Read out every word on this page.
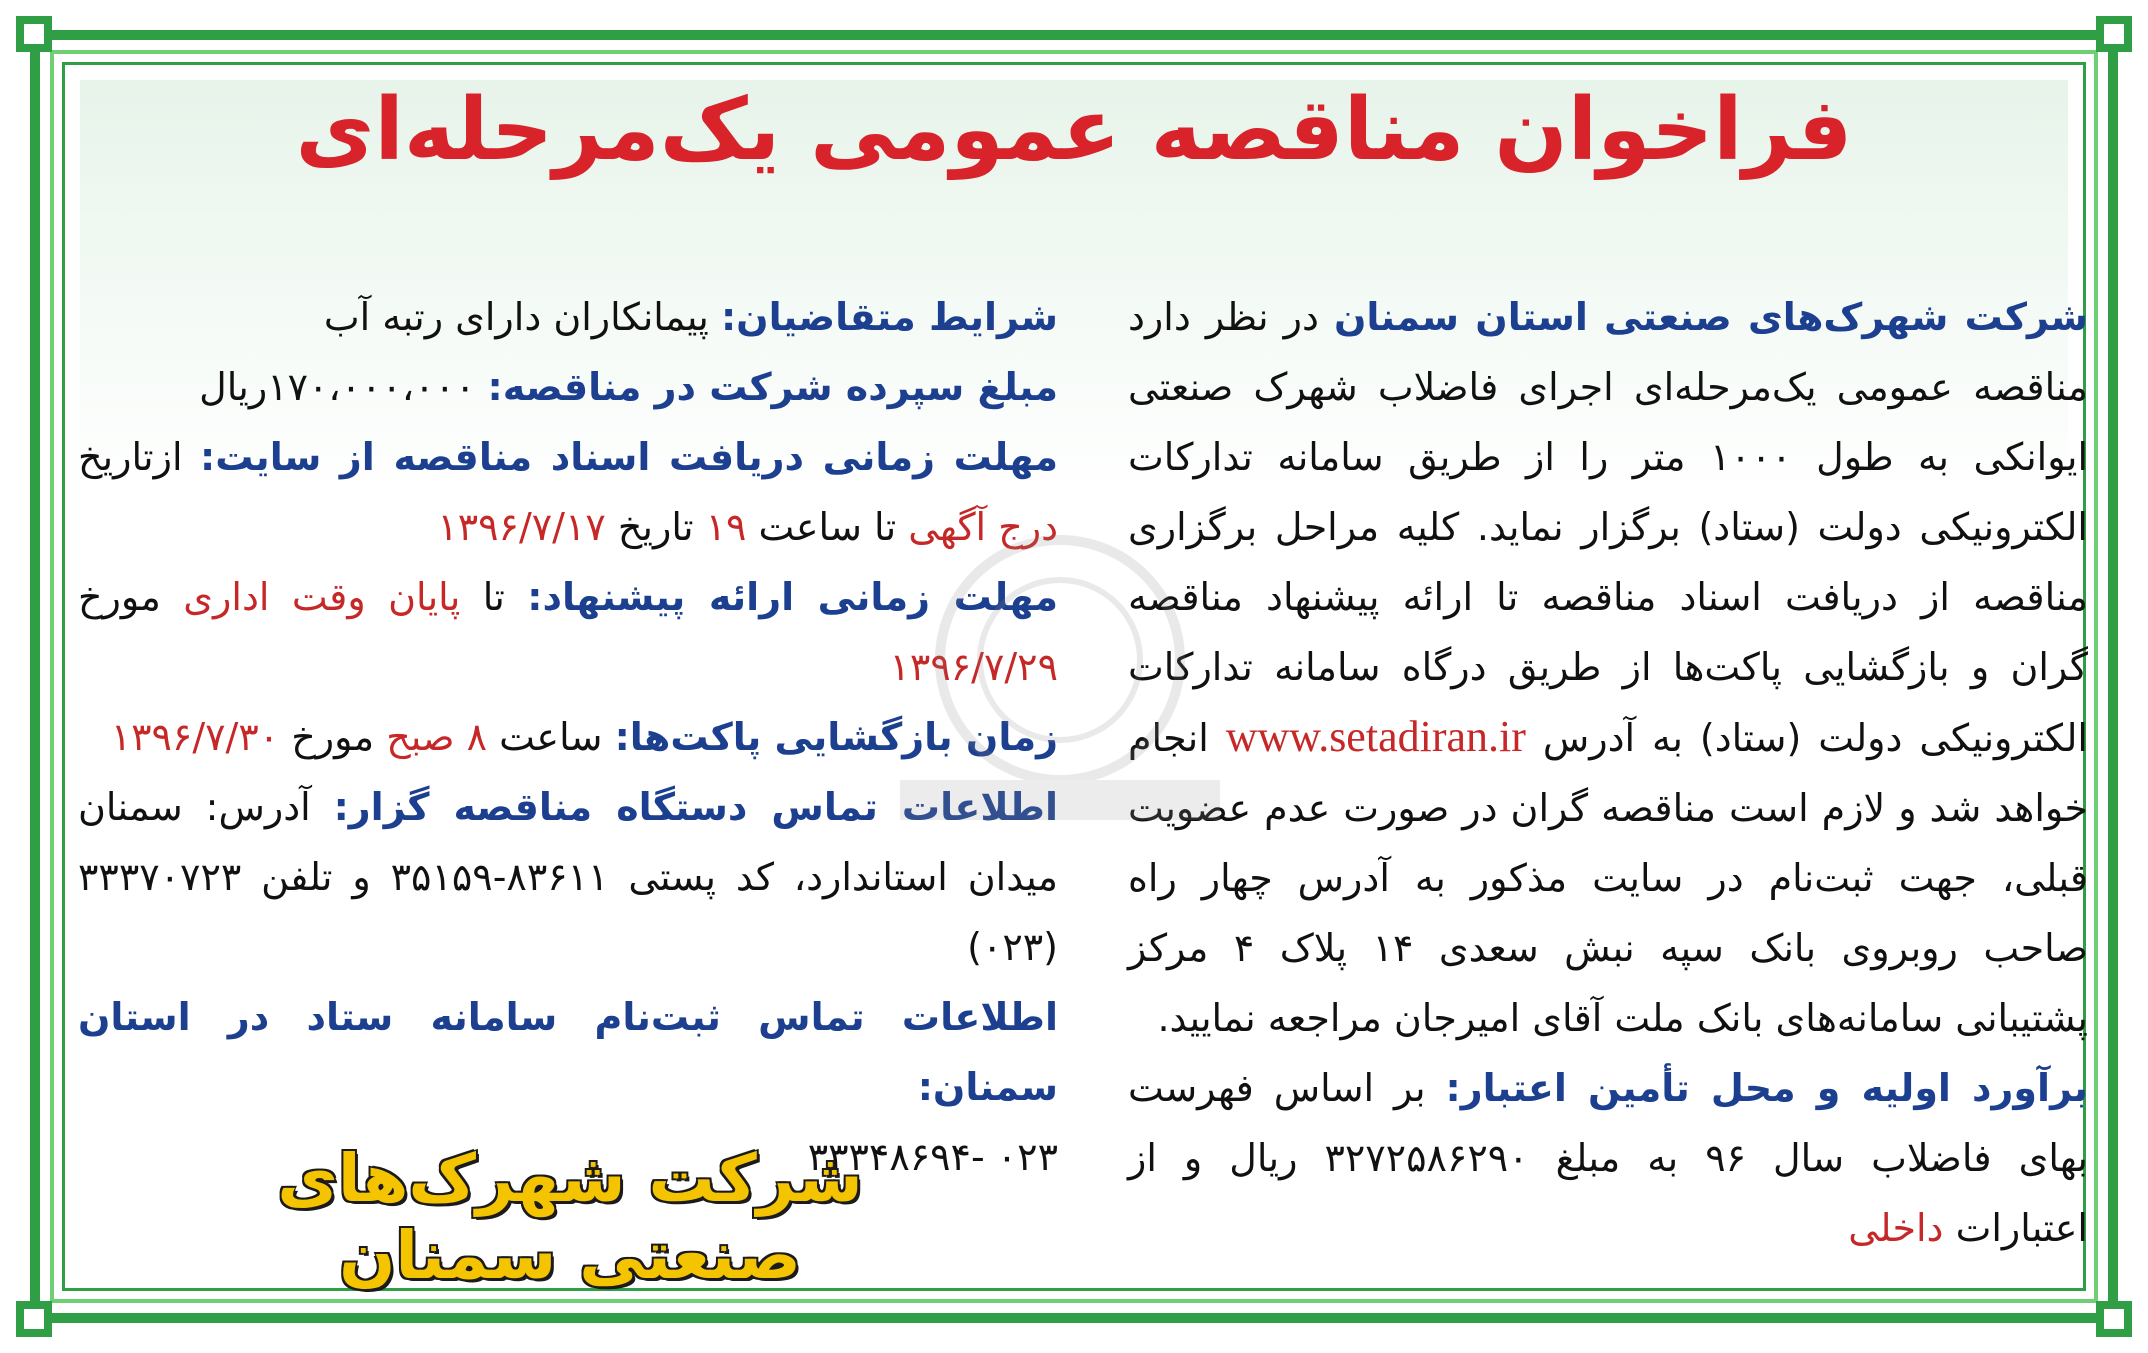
فراخوان مناقصه عمومی یک‌مرحله‌ای

شرکت شهرک‌های صنعتی استان سمنان در نظر دارد مناقصه عمومی یک‌مرحله‌ای اجرای فاضلاب شهرک صنعتی ایوانکی به طول ۱۰۰۰ متر را از طریق سامانه تدارکات الکترونیکی دولت (ستاد) برگزار نماید. کلیه مراحل برگزاری مناقصه از دریافت اسناد مناقصه تا ارائه پیشنهاد مناقصه گران و بازگشایی پاکت‌ها از طریق درگاه سامانه تدارکات الکترونیکی دولت (ستاد) به آدرس www.setadiran.ir انجام خواهد شد و لازم است مناقصه گران در صورت عدم عضویت قبلی، جهت ثبت‌نام در سایت مذکور به آدرس چهار راه صاحب روبروی بانک سپه نبش سعدی ۱۴ پلاک ۴ مرکز پشتیبانی سامانه‌های بانک ملت آقای امیرجان مراجعه نمایید.

برآورد اولیه و محل تأمین اعتبار: بر اساس فهرست بهای فاضلاب سال ۹۶ به مبلغ ۳۲۷۲۵۸۶۲۹۰ ریال و از اعتبارات داخلی

شرایط متقاضیان: پیمانکاران دارای رتبه آب

مبلغ سپرده شرکت در مناقصه: ۱۷۰،۰۰۰،۰۰۰ریال

مهلت زمانی دریافت اسناد مناقصه از سایت: ازتاریخ درج آگهی تا ساعت ۱۹ تاریخ ۱۳۹۶/۷/۱۷

مهلت زمانی ارائه پیشنهاد: تا پایان وقت اداری مورخ ۱۳۹۶/۷/۲۹

زمان بازگشایی پاکت‌ها: ساعت ۸ صبح مورخ ۱۳۹۶/۷/۳۰

اطلاعات تماس دستگاه مناقصه گزار: آدرس: سمنان میدان استاندارد، کد پستی ۸۳۶۱۱-۳۵۱۵۹ و تلفن ۳۳۳۷۰۷۲۳ (۰۲۳)

اطلاعات تماس ثبت‌نام سامانه ستاد در استان سمنان:

۰۲۳ -۳۳۳۴۸۶۹۴

شرکت شهرک‌های صنعتی سمنان
